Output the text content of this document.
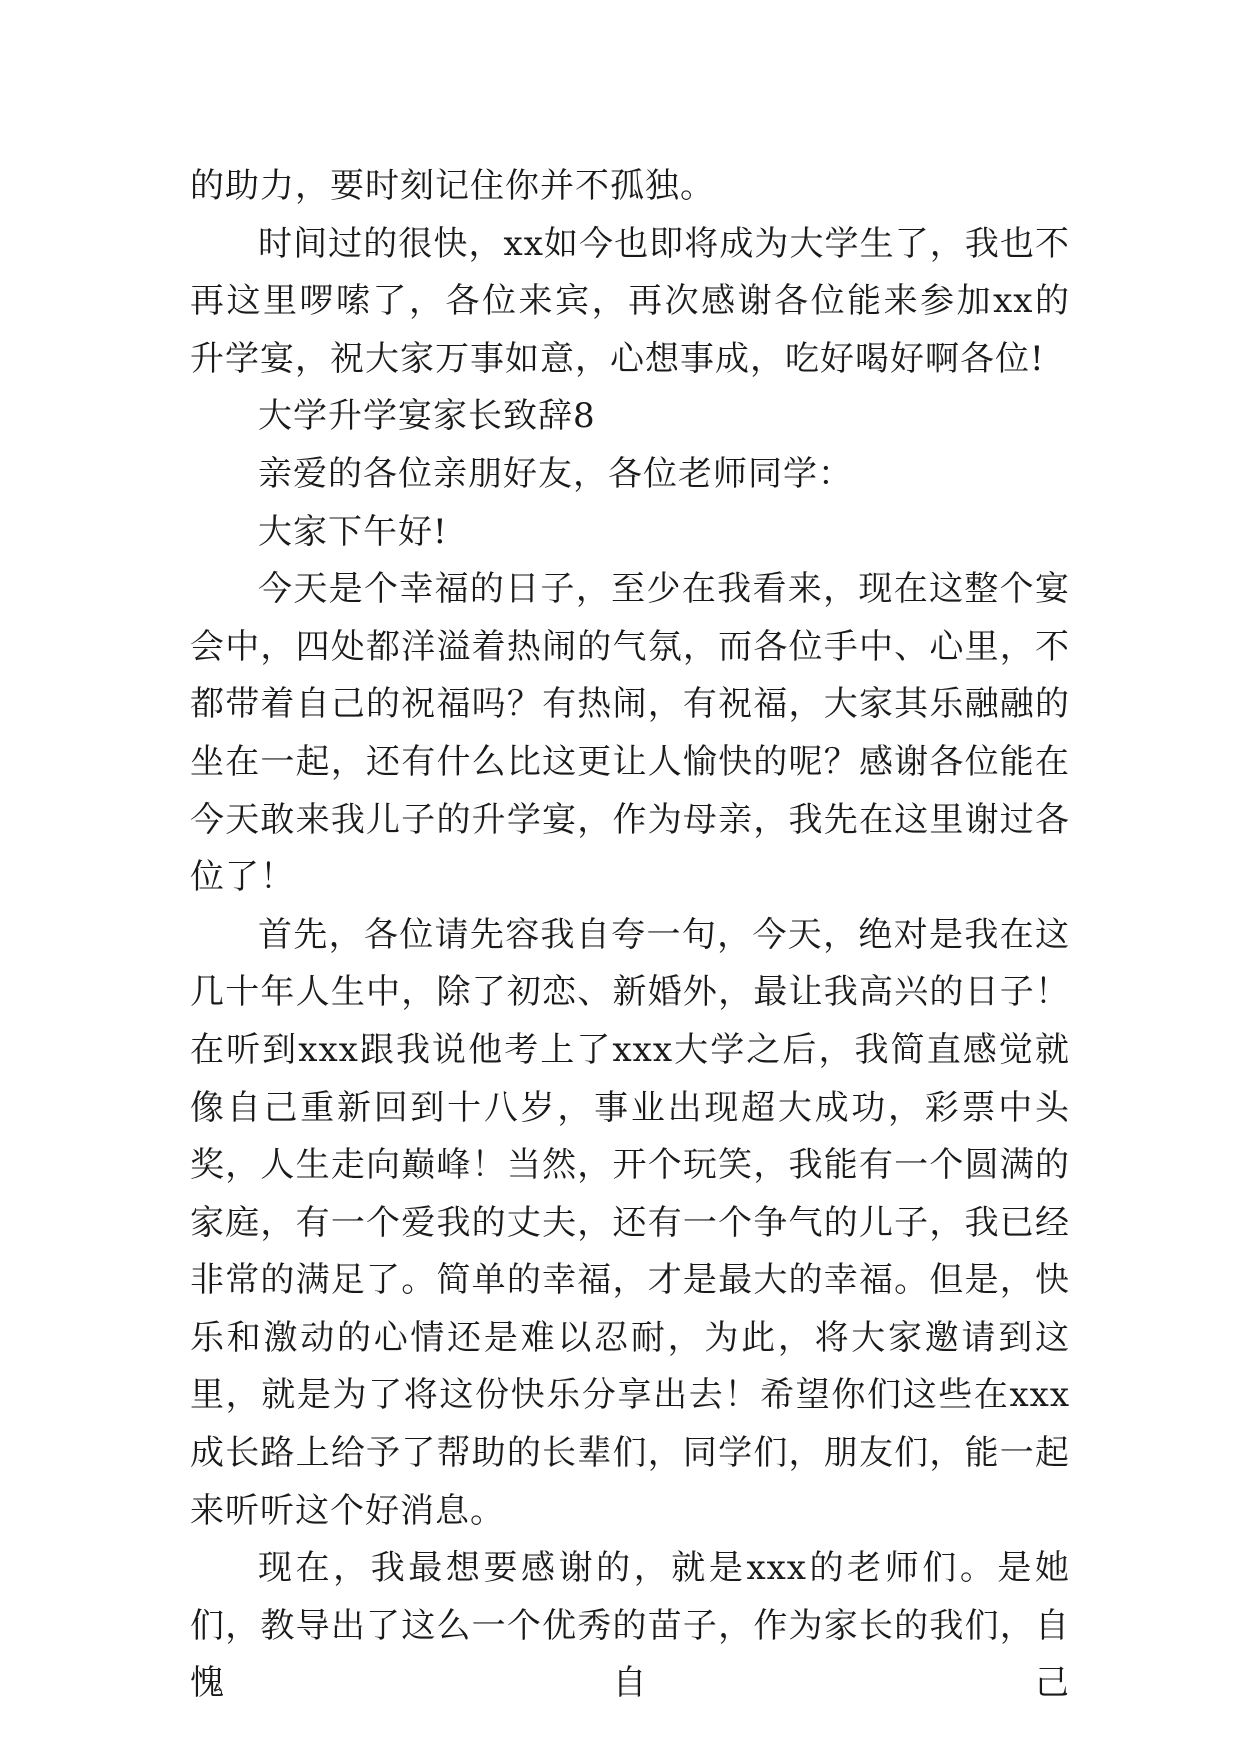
的助力，要时刻记住你并不孤独。

时间过的很快，xx如今也即将成为大学生了，我也不再这里啰嗦了，各位来宾，再次感谢各位能来参加xx的升学宴，祝大家万事如意，心想事成，吃好喝好啊各位!

大学升学宴家长致辞8

亲爱的各位亲朋好友，各位老师同学：

大家下午好!

今天是个幸福的日子，至少在我看来，现在这整个宴会中，四处都洋溢着热闹的气氛，而各位手中、心里，不都带着自己的祝福吗？有热闹，有祝福，大家其乐融融的坐在一起，还有什么比这更让人愉快的呢？感谢各位能在今天敢来我儿子的升学宴，作为母亲，我先在这里谢过各位了！

首先，各位请先容我自夸一句，今天，绝对是我在这几十年人生中，除了初恋、新婚外，最让我高兴的日子！在听到xxx跟我说他考上了xxx大学之后，我简直感觉就像自己重新回到十八岁，事业出现超大成功，彩票中头奖，人生走向巅峰！当然，开个玩笑，我能有一个圆满的家庭，有一个爱我的丈夫，还有一个争气的儿子，我已经非常的满足了。简单的幸福，才是最大的幸福。但是，快乐和激动的心情还是难以忍耐，为此，将大家邀请到这里，就是为了将这份快乐分享出去！希望你们这些在xxx成长路上给予了帮助的长辈们，同学们，朋友们，能一起来听听这个好消息。

现在，我最想要感谢的，就是xxx的老师们。是她们，教导出了这么一个优秀的苗子，作为家长的我们，自愧自己
